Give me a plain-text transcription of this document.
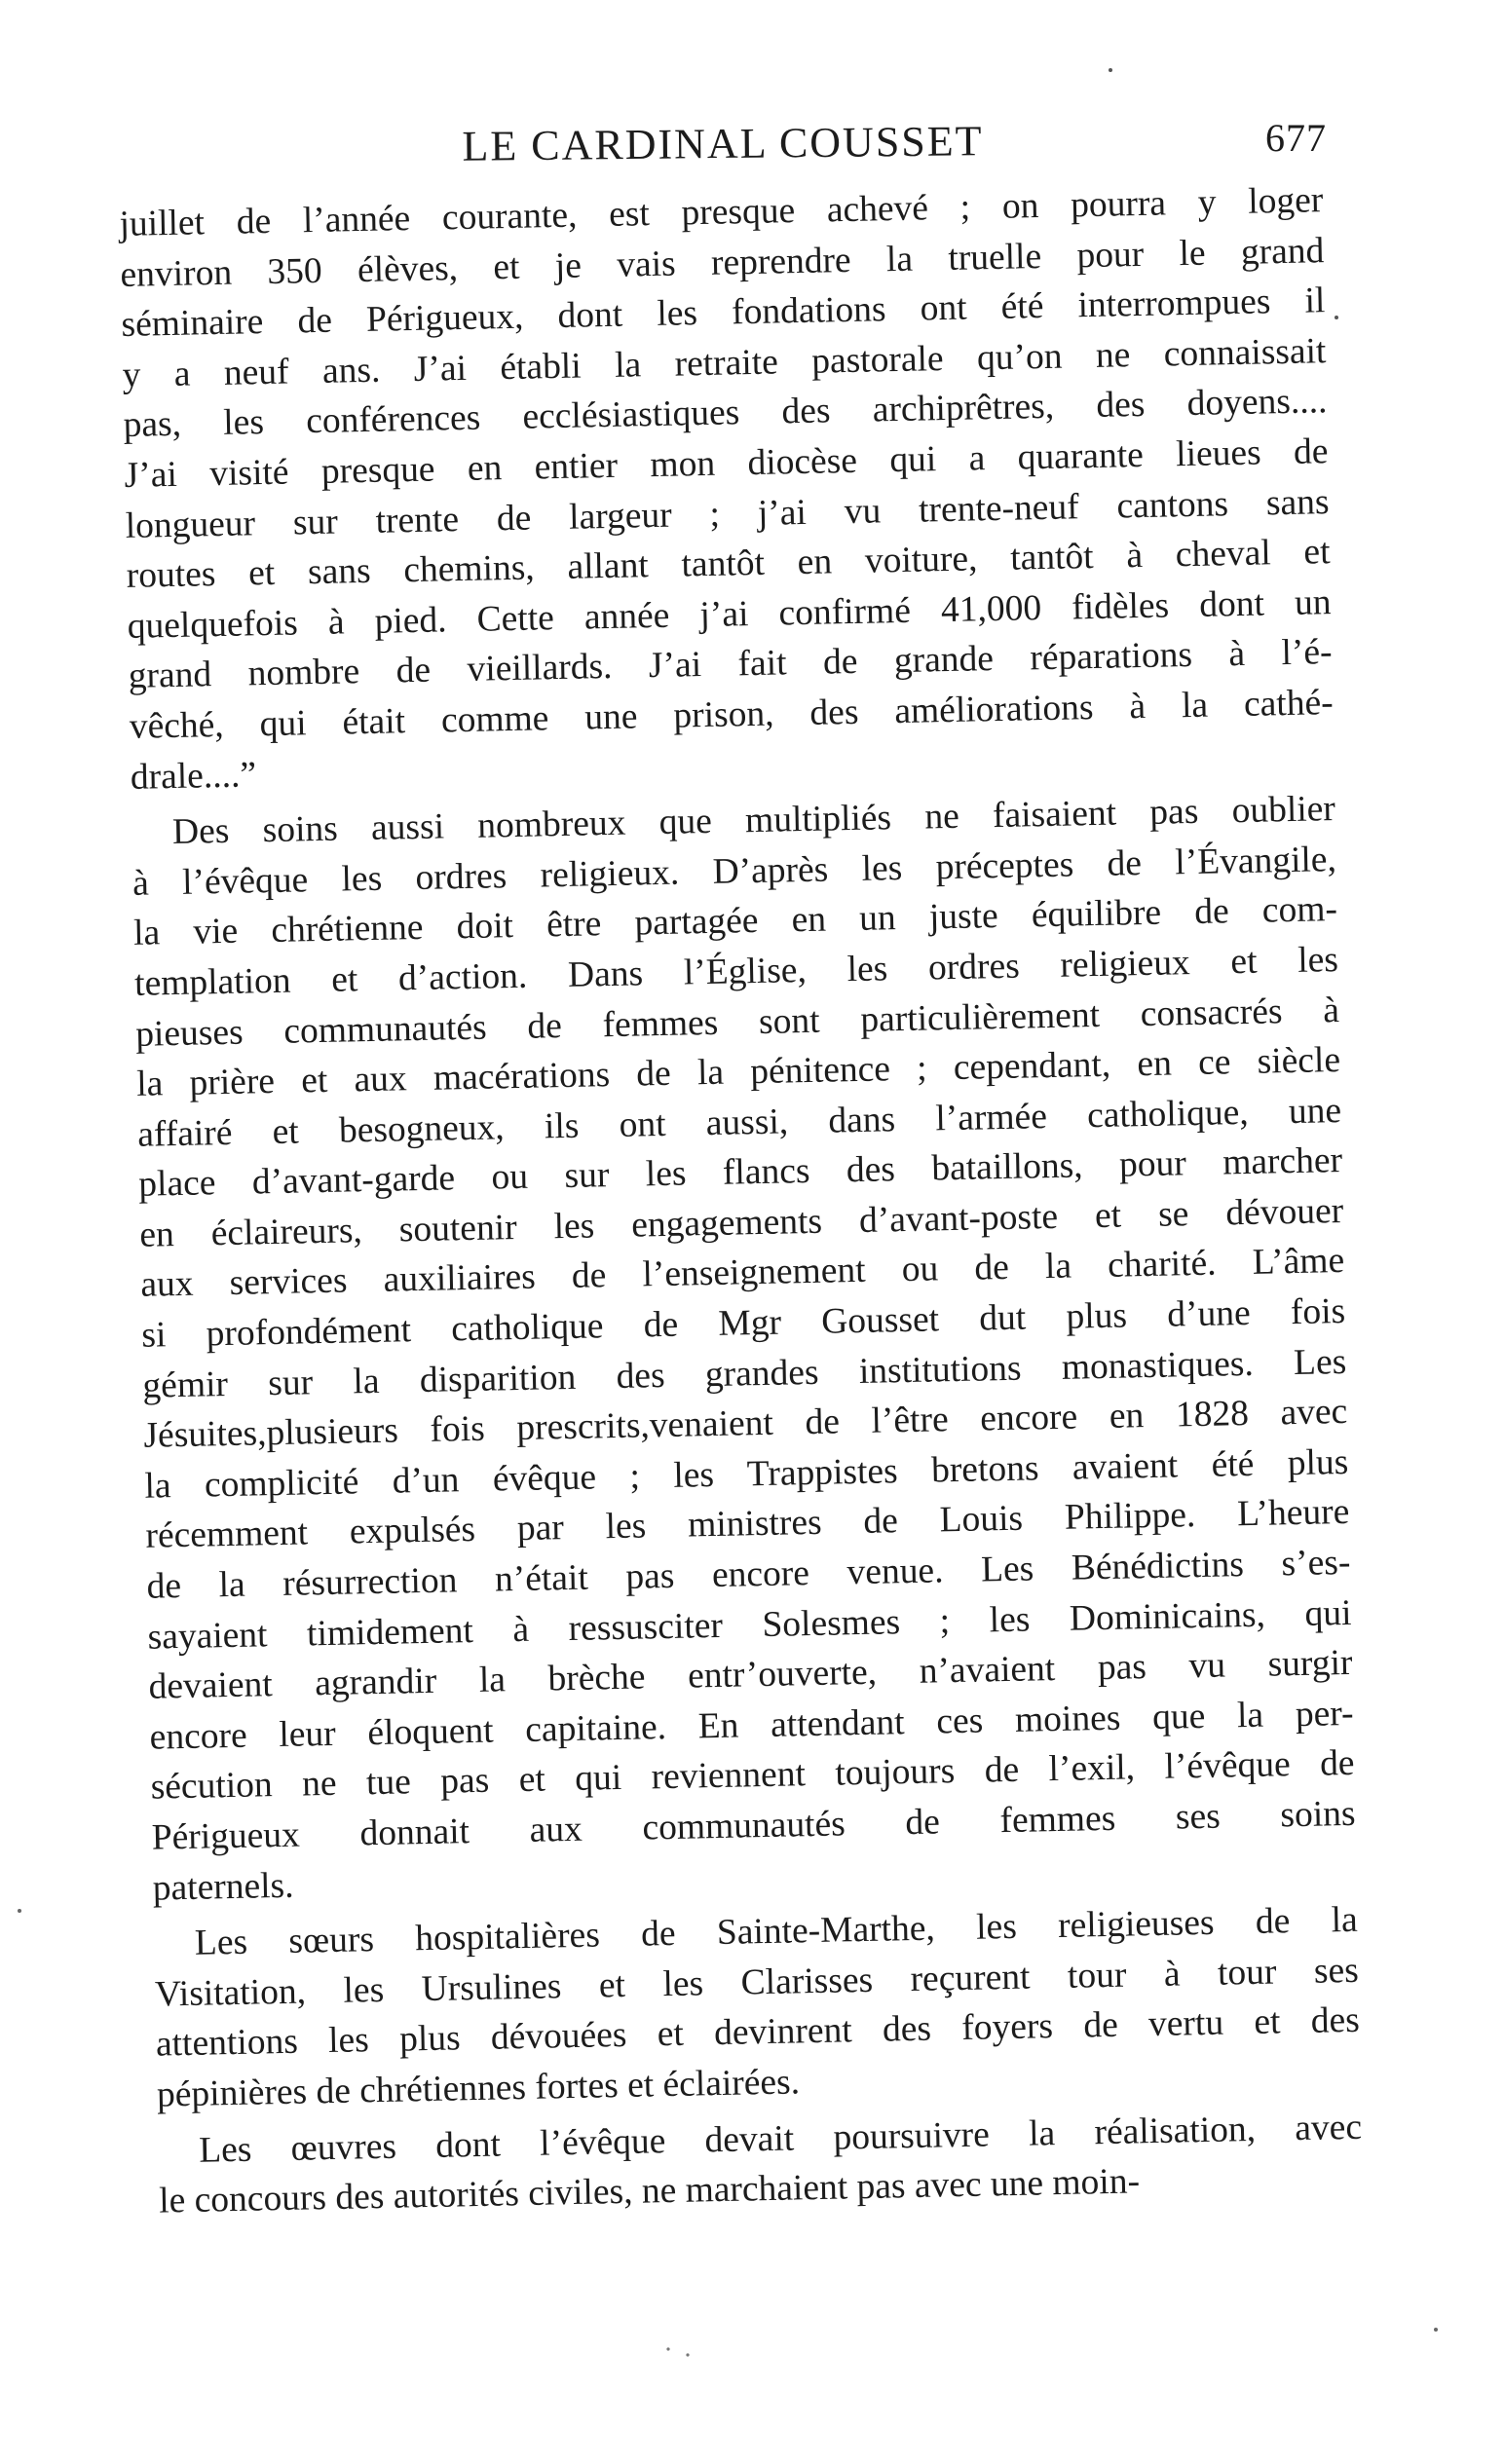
LE CARDINAL COUSSET	677
juillet de l’année courante, est presque achevé ; on pourra y loger
environ 350 élèves, et je vais reprendre la truelle pour le grand
séminaire de Périgueux, dont les fondations ont été interrompues il
y a neuf ans. J’ai établi la retraite pastorale qu’on ne connaissait
pas, les conférences ecclésiastiques des archiprêtres, des doyens....
J’ai visité presque en entier mon diocèse qui a quarante lieues de
longueur sur trente de largeur ; j’ai vu trente-neuf cantons sans
routes et sans chemins, allant tantôt en voiture, tantôt à cheval et
quelquefois à pied. Cette année j’ai confirmé 41,000 fidèles dont un
grand nombre de vieillards. J’ai fait de grande réparations à l’é-
vêché, qui était comme une prison, des améliorations à la cathé-
drale....”
Des soins aussi nombreux que multipliés ne faisaient pas oublier
à l’évêque les ordres religieux. D’après les préceptes de l’Évangile,
la vie chrétienne doit être partagée en un juste équilibre de com-
templation et d’action. Dans l’Église, les ordres religieux et les
pieuses communautés de femmes sont particulièrement consacrés à
la prière et aux macérations de la pénitence ; cependant, en ce siècle
affairé et besogneux, ils ont aussi, dans l’armée catholique, une
place d’avant-garde ou sur les flancs des bataillons, pour marcher
en éclaireurs, soutenir les engagements d’avant-poste et se dévouer
aux services auxiliaires de l’enseignement ou de la charité. L’âme
si profondément catholique de Mgr Gousset dut plus d’une fois
gémir sur la disparition des grandes institutions monastiques. Les
Jésuites,plusieurs fois prescrits,venaient de l’être encore en 1828 avec
la complicité d’un évêque ; les Trappistes bretons avaient été plus
récemment expulsés par les ministres de Louis Philippe. L’heure
de la résurrection n’était pas encore venue. Les Bénédictins s’es-
sayaient timidement à ressusciter Solesmes ; les Dominicains, qui
devaient agrandir la brèche entr’ouverte, n’avaient pas vu surgir
encore leur éloquent capitaine. En attendant ces moines que la per-
sécution ne tue pas et qui reviennent toujours de l’exil, l’évêque de
Périgueux donnait aux communautés de femmes ses soins
paternels.
Les sœurs hospitalières de Sainte-Marthe, les religieuses de la
Visitation, les Ursulines et les Clarisses reçurent tour à tour ses
attentions les plus dévouées et devinrent des foyers de vertu et des
pépinières de chrétiennes fortes et éclairées.
Les œuvres dont l’évêque devait poursuivre la réalisation, avec
le concours des autorités civiles, ne marchaient pas avec une moin-
